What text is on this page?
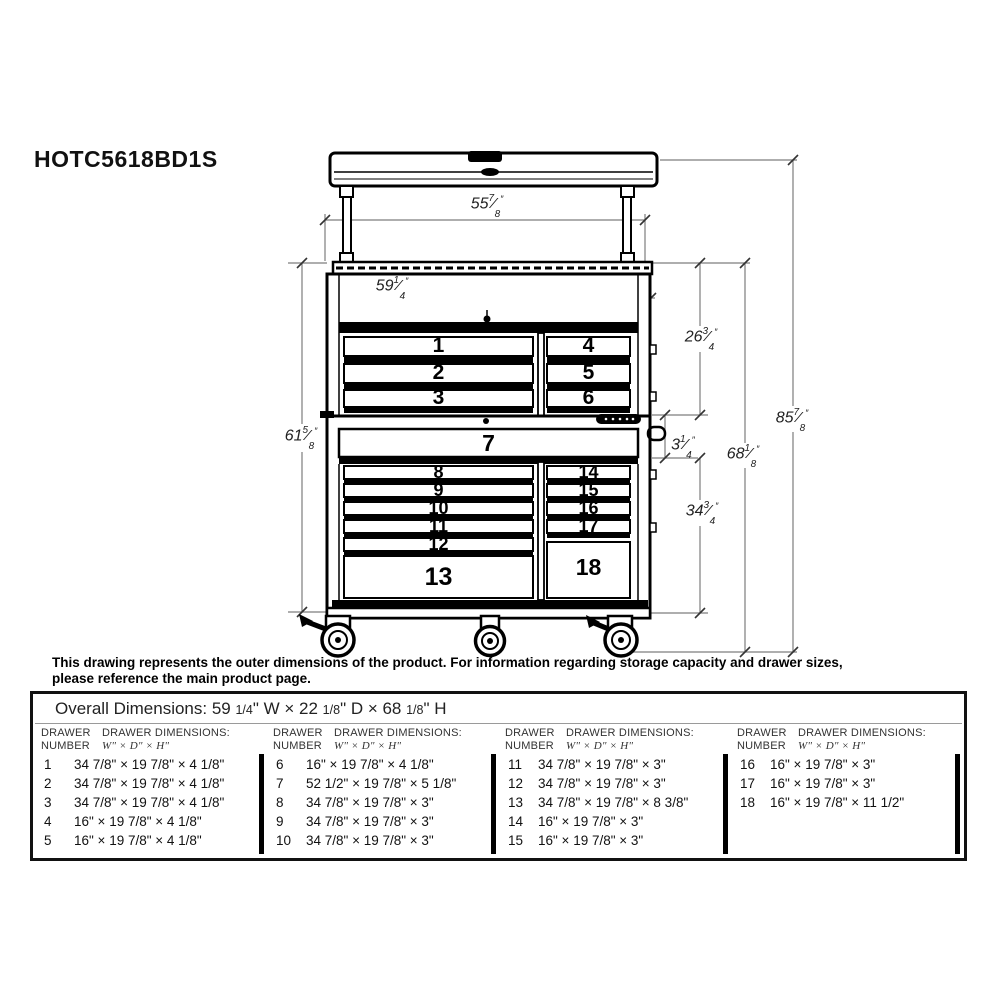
HOTC5618BD1S
1
2
3
4
5
6
7
8
9
10
11
12
13
14
15
16
17
18
$55^7⁄_8''$
$59^1⁄_4''$
$61^5⁄_8''$
$26^3⁄_4''$
$3^1⁄_4''$
$34^3⁄_4''$
$68^1⁄_8''$
$85^7⁄_8''$
This drawing represents the outer dimensions of the product. For information regarding storage capacity and drawer sizes,
please reference the main product page.
Overall Dimensions: 59 1/4" W × 22 1/8" D × 68 1/8" H
DRAWER
NUMBER
DRAWER DIMENSIONS:
W" × D" × H"
1	34 7/8" × 19 7/8" × 4 1/8"
2	34 7/8" × 19 7/8" × 4 1/8"
3	34 7/8" × 19 7/8" × 4 1/8"
4	16" × 19 7/8" × 4 1/8"
5	16" × 19 7/8" × 4 1/8"
DRAWER
NUMBER
DRAWER DIMENSIONS:
W" × D" × H"
6	16" × 19 7/8" × 4 1/8"
7	52 1/2" × 19 7/8" × 5 1/8"
8	34 7/8" × 19 7/8" × 3"
9	34 7/8" × 19 7/8" × 3"
10	34 7/8" × 19 7/8" × 3"
DRAWER
NUMBER
DRAWER DIMENSIONS:
W" × D" × H"
11	34 7/8" × 19 7/8" × 3"
12	34 7/8" × 19 7/8" × 3"
13	34 7/8" × 19 7/8" × 8 3/8"
14	16" × 19 7/8" × 3"
15	16" × 19 7/8" × 3"
DRAWER
NUMBER
DRAWER DIMENSIONS:
W" × D" × H"
16	16" × 19 7/8" × 3"
17	16" × 19 7/8" × 3"
18	16" × 19 7/8" × 11 1/2"
